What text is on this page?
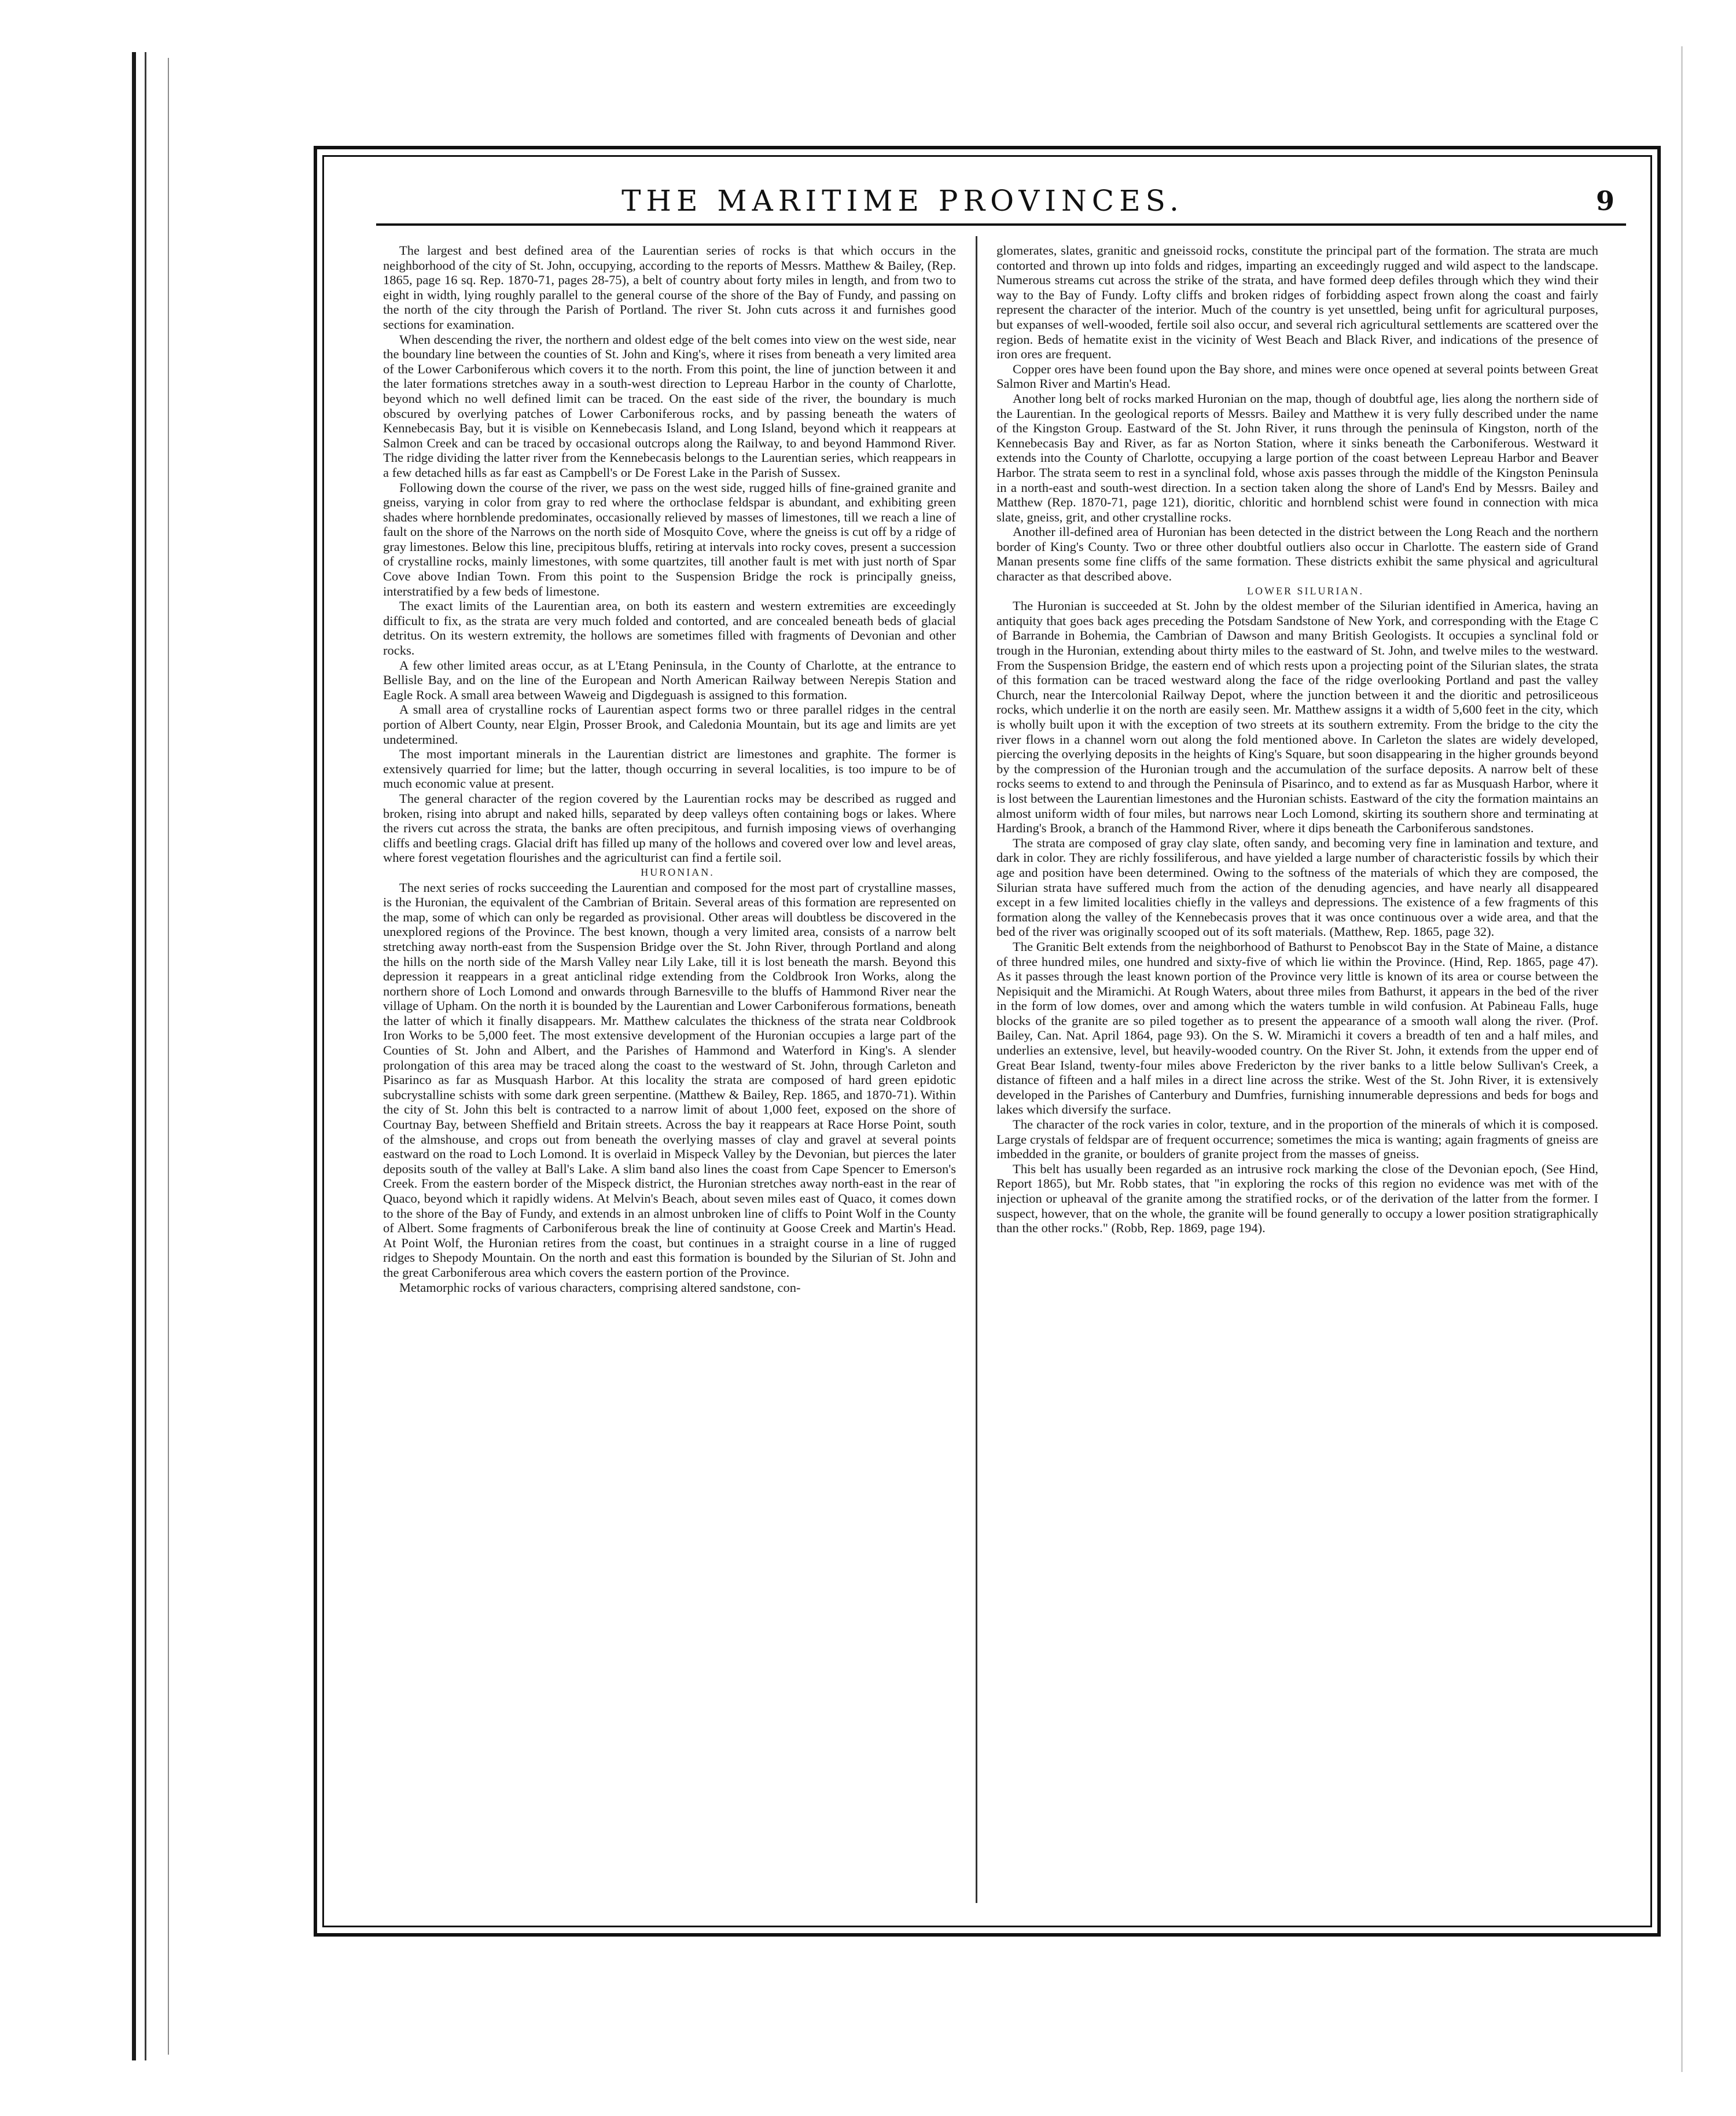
THE MARITIME PROVINCES.	9

The largest and best defined area of the Laurentian series of rocks is that which occurs in the neighborhood of the city of St. John, occupying, according to the reports of Messrs. Matthew & Bailey, (Rep. 1865, page 16 sq. Rep. 1870-71, pages 28-75), a belt of country about forty miles in length, and from two to eight in width, lying roughly parallel to the general course of the shore of the Bay of Fundy, and passing on the north of the city through the Parish of Portland. The river St. John cuts across it and furnishes good sections for examination.

When descending the river, the northern and oldest edge of the belt comes into view on the west side, near the boundary line between the counties of St. John and King's, where it rises from beneath a very limited area of the Lower Carboniferous which covers it to the north. From this point, the line of junction between it and the later formations stretches away in a south-west direction to Lepreau Harbor in the county of Charlotte, beyond which no well defined limit can be traced. On the east side of the river, the boundary is much obscured by overlying patches of Lower Carboniferous rocks, and by passing beneath the waters of Kennebecasis Bay, but it is visible on Kennebecasis Island, and Long Island, beyond which it reappears at Salmon Creek and can be traced by occasional outcrops along the Railway, to and beyond Hammond River. The ridge dividing the latter river from the Kennebecasis belongs to the Laurentian series, which reappears in a few detached hills as far east as Campbell's or De Forest Lake in the Parish of Sussex.

Following down the course of the river, we pass on the west side, rugged hills of fine-grained granite and gneiss, varying in color from gray to red where the orthoclase feldspar is abundant, and exhibiting green shades where hornblende predominates, occasionally relieved by masses of limestones, till we reach a line of fault on the shore of the Narrows on the north side of Mosquito Cove, where the gneiss is cut off by a ridge of gray limestones. Below this line, precipitous bluffs, retiring at intervals into rocky coves, present a succession of crystalline rocks, mainly limestones, with some quartzites, till another fault is met with just north of Spar Cove above Indian Town. From this point to the Suspension Bridge the rock is principally gneiss, interstratified by a few beds of limestone.

The exact limits of the Laurentian area, on both its eastern and western extremities are exceedingly difficult to fix, as the strata are very much folded and contorted, and are concealed beneath beds of glacial detritus. On its western extremity, the hollows are sometimes filled with fragments of Devonian and other rocks.

A few other limited areas occur, as at L'Etang Peninsula, in the County of Charlotte, at the entrance to Bellisle Bay, and on the line of the European and North American Railway between Nerepis Station and Eagle Rock. A small area between Waweig and Digdeguash is assigned to this formation.

A small area of crystalline rocks of Laurentian aspect forms two or three parallel ridges in the central portion of Albert County, near Elgin, Prosser Brook, and Caledonia Mountain, but its age and limits are yet undetermined.

The most important minerals in the Laurentian district are limestones and graphite. The former is extensively quarried for lime; but the latter, though occurring in several localities, is too impure to be of much economic value at present.

The general character of the region covered by the Laurentian rocks may be described as rugged and broken, rising into abrupt and naked hills, separated by deep valleys often containing bogs or lakes. Where the rivers cut across the strata, the banks are often precipitous, and furnish imposing views of overhanging cliffs and beetling crags. Glacial drift has filled up many of the hollows and covered over low and level areas, where forest vegetation flourishes and the agriculturist can find a fertile soil.

HURONIAN.

The next series of rocks succeeding the Laurentian and composed for the most part of crystalline masses, is the Huronian, the equivalent of the Cambrian of Britain. Several areas of this formation are represented on the map, some of which can only be regarded as provisional. Other areas will doubtless be discovered in the unexplored regions of the Province. The best known, though a very limited area, consists of a narrow belt stretching away north-east from the Suspension Bridge over the St. John River, through Portland and along the hills on the north side of the Marsh Valley near Lily Lake, till it is lost beneath the marsh. Beyond this depression it reappears in a great anticlinal ridge extending from the Coldbrook Iron Works, along the northern shore of Loch Lomond and onwards through Barnesville to the bluffs of Hammond River near the village of Upham. On the north it is bounded by the Laurentian and Lower Carboniferous formations, beneath the latter of which it finally disappears. Mr. Matthew calculates the thickness of the strata near Coldbrook Iron Works to be 5,000 feet. The most extensive development of the Huronian occupies a large part of the Counties of St. John and Albert, and the Parishes of Hammond and Waterford in King's. A slender prolongation of this area may be traced along the coast to the westward of St. John, through Carleton and Pisarinco as far as Musquash Harbor. At this locality the strata are composed of hard green epidotic subcrystalline schists with some dark green serpentine. (Matthew & Bailey, Rep. 1865, and 1870-71). Within the city of St. John this belt is contracted to a narrow limit of about 1,000 feet, exposed on the shore of Courtnay Bay, between Sheffield and Britain streets. Across the bay it reappears at Race Horse Point, south of the almshouse, and crops out from beneath the overlying masses of clay and gravel at several points eastward on the road to Loch Lomond. It is overlaid in Mispeck Valley by the Devonian, but pierces the later deposits south of the valley at Ball's Lake. A slim band also lines the coast from Cape Spencer to Emerson's Creek. From the eastern border of the Mispeck district, the Huronian stretches away north-east in the rear of Quaco, beyond which it rapidly widens. At Melvin's Beach, about seven miles east of Quaco, it comes down to the shore of the Bay of Fundy, and extends in an almost unbroken line of cliffs to Point Wolf in the County of Albert. Some fragments of Carboniferous break the line of continuity at Goose Creek and Martin's Head. At Point Wolf, the Huronian retires from the coast, but continues in a straight course in a line of rugged ridges to Shepody Mountain. On the north and east this formation is bounded by the Silurian of St. John and the great Carboniferous area which covers the eastern portion of the Province.

Metamorphic rocks of various characters, comprising altered sandstone, con-

glomerates, slates, granitic and gneissoid rocks, constitute the principal part of the formation. The strata are much contorted and thrown up into folds and ridges, imparting an exceedingly rugged and wild aspect to the landscape. Numerous streams cut across the strike of the strata, and have formed deep defiles through which they wind their way to the Bay of Fundy. Lofty cliffs and broken ridges of forbidding aspect frown along the coast and fairly represent the character of the interior. Much of the country is yet unsettled, being unfit for agricultural purposes, but expanses of well-wooded, fertile soil also occur, and several rich agricultural settlements are scattered over the region. Beds of hematite exist in the vicinity of West Beach and Black River, and indications of the presence of iron ores are frequent.

Copper ores have been found upon the Bay shore, and mines were once opened at several points between Great Salmon River and Martin's Head.

Another long belt of rocks marked Huronian on the map, though of doubtful age, lies along the northern side of the Laurentian. In the geological reports of Messrs. Bailey and Matthew it is very fully described under the name of the Kingston Group. Eastward of the St. John River, it runs through the peninsula of Kingston, north of the Kennebecasis Bay and River, as far as Norton Station, where it sinks beneath the Carboniferous. Westward it extends into the County of Charlotte, occupying a large portion of the coast between Lepreau Harbor and Beaver Harbor. The strata seem to rest in a synclinal fold, whose axis passes through the middle of the Kingston Peninsula in a north-east and south-west direction. In a section taken along the shore of Land's End by Messrs. Bailey and Matthew (Rep. 1870-71, page 121), dioritic, chloritic and hornblend schist were found in connection with mica slate, gneiss, grit, and other crystalline rocks.

Another ill-defined area of Huronian has been detected in the district between the Long Reach and the northern border of King's County. Two or three other doubtful outliers also occur in Charlotte. The eastern side of Grand Manan presents some fine cliffs of the same formation. These districts exhibit the same physical and agricultural character as that described above.

LOWER SILURIAN.

The Huronian is succeeded at St. John by the oldest member of the Silurian identified in America, having an antiquity that goes back ages preceding the Potsdam Sandstone of New York, and corresponding with the Etage C of Barrande in Bohemia, the Cambrian of Dawson and many British Geologists. It occupies a synclinal fold or trough in the Huronian, extending about thirty miles to the eastward of St. John, and twelve miles to the westward. From the Suspension Bridge, the eastern end of which rests upon a projecting point of the Silurian slates, the strata of this formation can be traced westward along the face of the ridge overlooking Portland and past the valley Church, near the Intercolonial Railway Depot, where the junction between it and the dioritic and petrosiliceous rocks, which underlie it on the north are easily seen. Mr. Matthew assigns it a width of 5,600 feet in the city, which is wholly built upon it with the exception of two streets at its southern extremity. From the bridge to the city the river flows in a channel worn out along the fold mentioned above. In Carleton the slates are widely developed, piercing the overlying deposits in the heights of King's Square, but soon disappearing in the higher grounds beyond by the compression of the Huronian trough and the accumulation of the surface deposits. A narrow belt of these rocks seems to extend to and through the Peninsula of Pisarinco, and to extend as far as Musquash Harbor, where it is lost between the Laurentian limestones and the Huronian schists. Eastward of the city the formation maintains an almost uniform width of four miles, but narrows near Loch Lomond, skirting its southern shore and terminating at Harding's Brook, a branch of the Hammond River, where it dips beneath the Carboniferous sandstones.

The strata are composed of gray clay slate, often sandy, and becoming very fine in lamination and texture, and dark in color. They are richly fossiliferous, and have yielded a large number of characteristic fossils by which their age and position have been determined. Owing to the softness of the materials of which they are composed, the Silurian strata have suffered much from the action of the denuding agencies, and have nearly all disappeared except in a few limited localities chiefly in the valleys and depressions. The existence of a few fragments of this formation along the valley of the Kennebecasis proves that it was once continuous over a wide area, and that the bed of the river was originally scooped out of its soft materials. (Matthew, Rep. 1865, page 32).

The Granitic Belt extends from the neighborhood of Bathurst to Penobscot Bay in the State of Maine, a distance of three hundred miles, one hundred and sixty-five of which lie within the Province. (Hind, Rep. 1865, page 47). As it passes through the least known portion of the Province very little is known of its area or course between the Nepisiquit and the Miramichi. At Rough Waters, about three miles from Bathurst, it appears in the bed of the river in the form of low domes, over and among which the waters tumble in wild confusion. At Pabineau Falls, huge blocks of the granite are so piled together as to present the appearance of a smooth wall along the river. (Prof. Bailey, Can. Nat. April 1864, page 93). On the S. W. Miramichi it covers a breadth of ten and a half miles, and underlies an extensive, level, but heavily-wooded country. On the River St. John, it extends from the upper end of Great Bear Island, twenty-four miles above Fredericton by the river banks to a little below Sullivan's Creek, a distance of fifteen and a half miles in a direct line across the strike. West of the St. John River, it is extensively developed in the Parishes of Canterbury and Dumfries, furnishing innumerable depressions and beds for bogs and lakes which diversify the surface.

The character of the rock varies in color, texture, and in the proportion of the minerals of which it is composed. Large crystals of feldspar are of frequent occurrence; sometimes the mica is wanting; again fragments of gneiss are imbedded in the granite, or boulders of granite project from the masses of gneiss.

This belt has usually been regarded as an intrusive rock marking the close of the Devonian epoch, (See Hind, Report 1865), but Mr. Robb states, that "in exploring the rocks of this region no evidence was met with of the injection or upheaval of the granite among the stratified rocks, or of the derivation of the latter from the former. I suspect, however, that on the whole, the granite will be found generally to occupy a lower position stratigraphically than the other rocks." (Robb, Rep. 1869, page 194).
